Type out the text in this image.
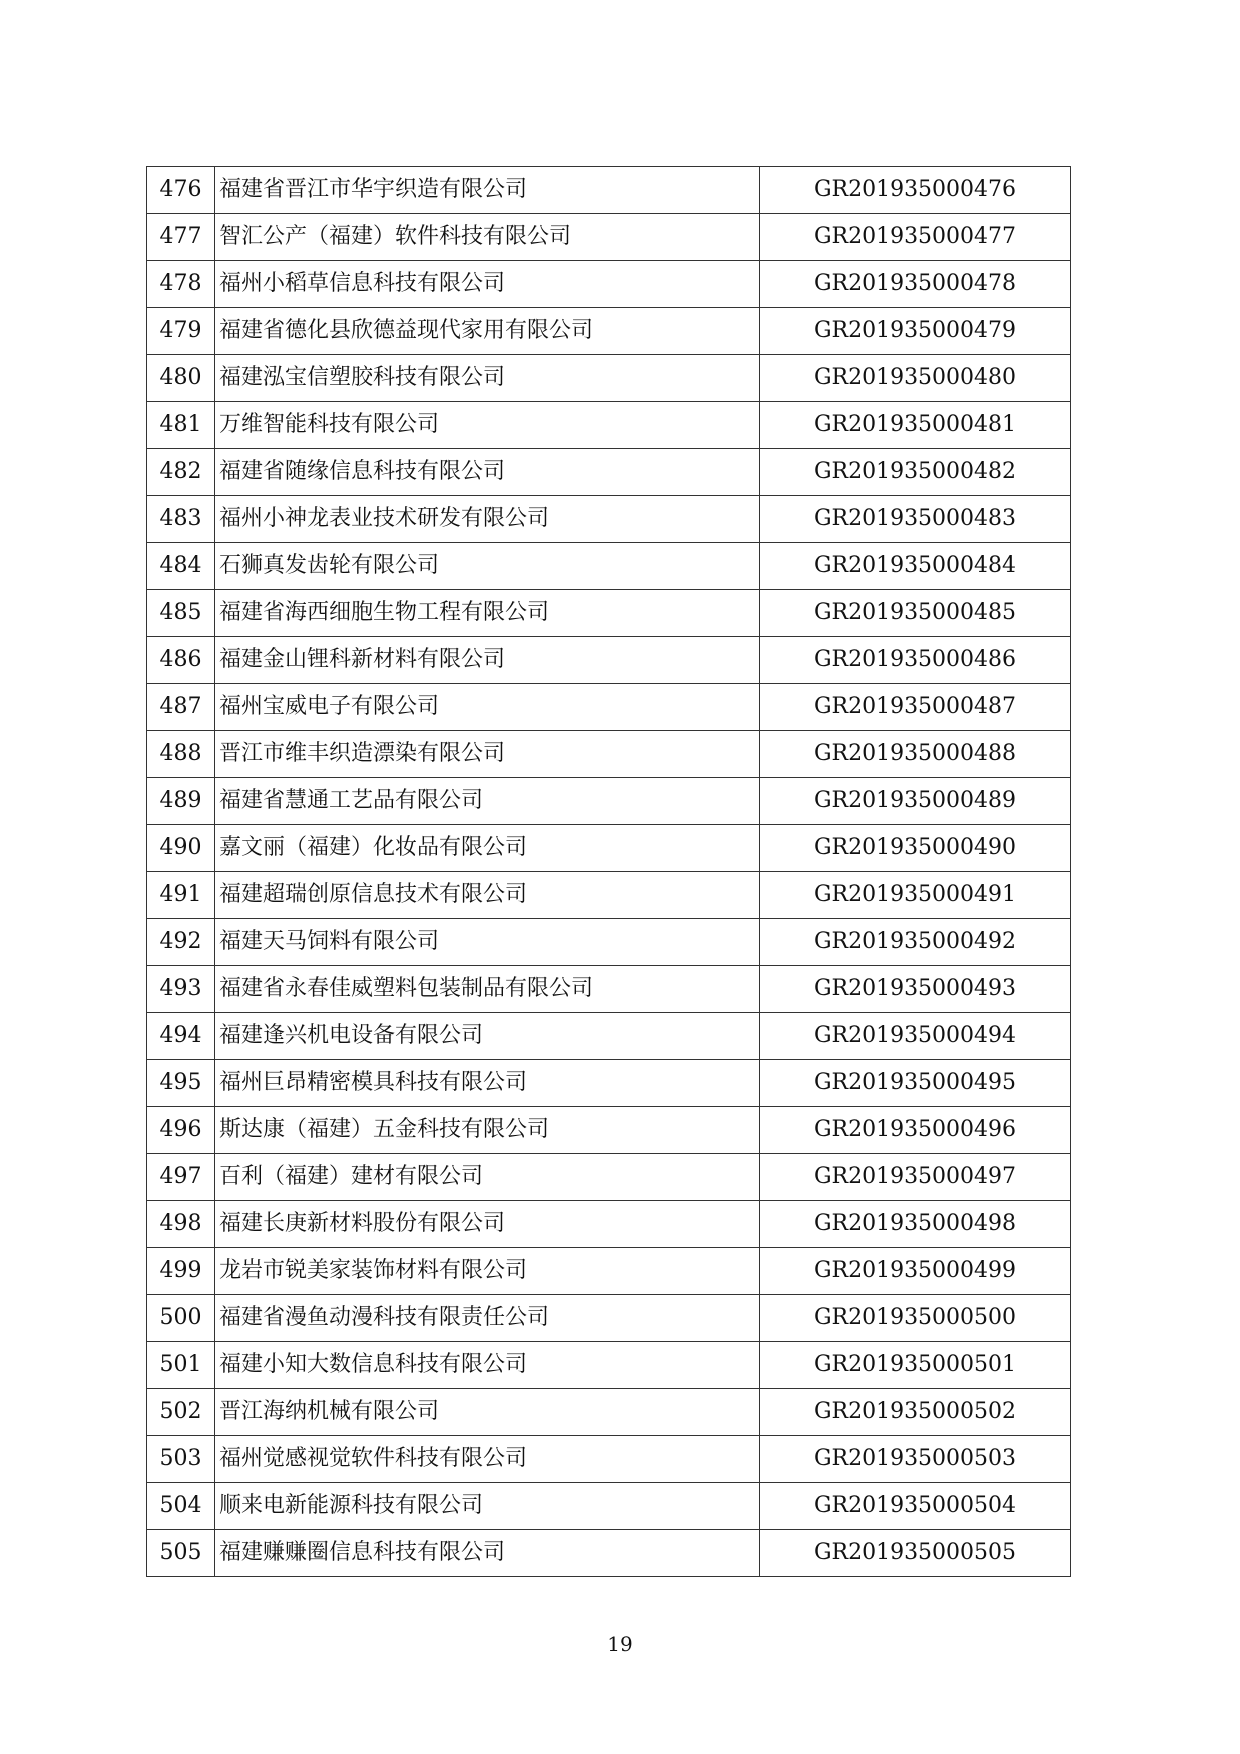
476	福建省晋江市华宇织造有限公司	GR201935000476
477	智汇公产（福建）软件科技有限公司	GR201935000477
478	福州小稻草信息科技有限公司	GR201935000478
479	福建省德化县欣德益现代家用有限公司	GR201935000479
480	福建泓宝信塑胶科技有限公司	GR201935000480
481	万维智能科技有限公司	GR201935000481
482	福建省随缘信息科技有限公司	GR201935000482
483	福州小神龙表业技术研发有限公司	GR201935000483
484	石狮真发齿轮有限公司	GR201935000484
485	福建省海西细胞生物工程有限公司	GR201935000485
486	福建金山锂科新材料有限公司	GR201935000486
487	福州宝威电子有限公司	GR201935000487
488	晋江市维丰织造漂染有限公司	GR201935000488
489	福建省慧通工艺品有限公司	GR201935000489
490	嘉文丽（福建）化妆品有限公司	GR201935000490
491	福建超瑞创原信息技术有限公司	GR201935000491
492	福建天马饲料有限公司	GR201935000492
493	福建省永春佳威塑料包装制品有限公司	GR201935000493
494	福建逢兴机电设备有限公司	GR201935000494
495	福州巨昂精密模具科技有限公司	GR201935000495
496	斯达康（福建）五金科技有限公司	GR201935000496
497	百利（福建）建材有限公司	GR201935000497
498	福建长庚新材料股份有限公司	GR201935000498
499	龙岩市锐美家装饰材料有限公司	GR201935000499
500	福建省漫鱼动漫科技有限责任公司	GR201935000500
501	福建小知大数信息科技有限公司	GR201935000501
502	晋江海纳机械有限公司	GR201935000502
503	福州觉感视觉软件科技有限公司	GR201935000503
504	顺来电新能源科技有限公司	GR201935000504
505	福建赚赚圈信息科技有限公司	GR201935000505
19
